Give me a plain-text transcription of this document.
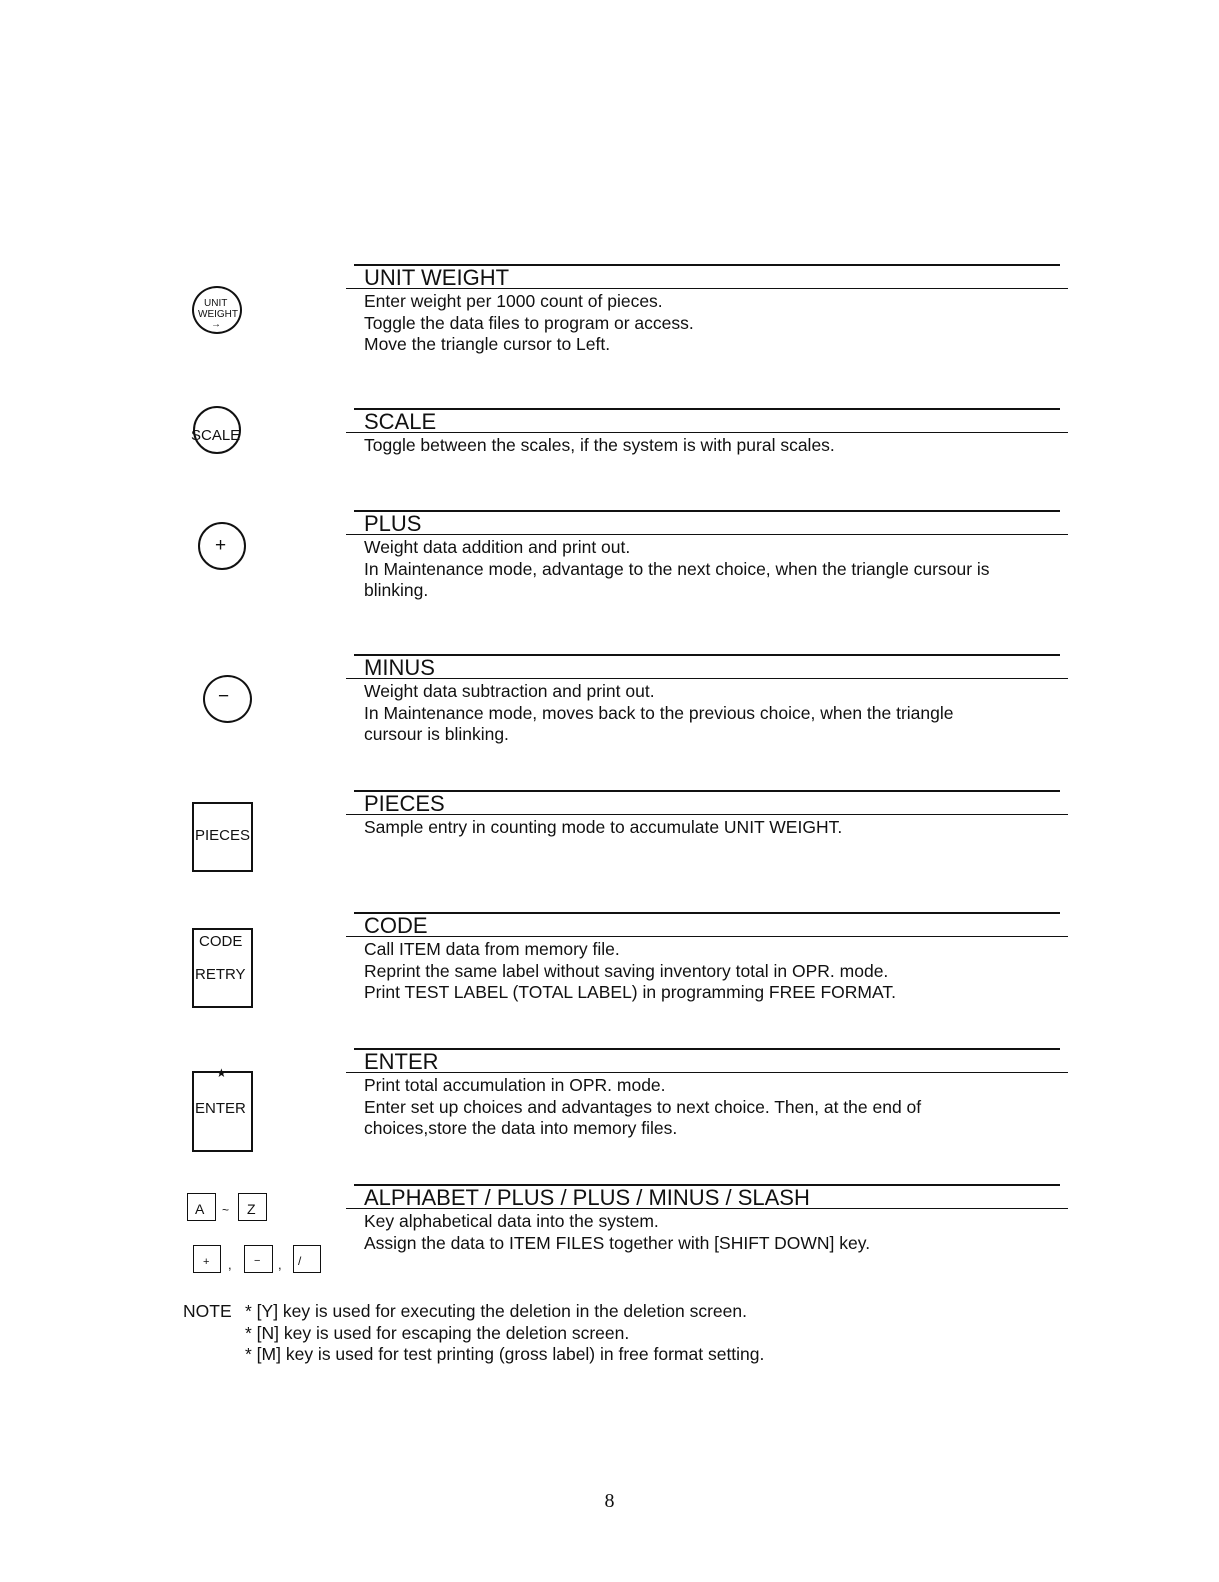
UNIT
WEIGHT
→
SCALE
+
−
PIECES
CODE
RETRY
★
ENTER
A ~ Z
+ , − , /
UNIT WEIGHT
Enter weight per 1000 count of pieces.
Toggle the data files to program or access.
Move the triangle cursor to Left.
SCALE
Toggle between the scales, if the system is with pural scales.
PLUS
Weight data addition and print out.
In Maintenance mode, advantage to the next choice, when the triangle cursour is
blinking.
MINUS
Weight data subtraction and print out.
In Maintenance mode, moves back to the previous choice, when the triangle
cursour is blinking.
PIECES
Sample entry in counting mode to accumulate UNIT WEIGHT.
CODE
Call ITEM data from memory file.
Reprint the same label without saving inventory total in OPR. mode.
Print TEST LABEL (TOTAL LABEL) in programming FREE FORMAT.
ENTER
Print total accumulation in OPR. mode.
Enter set up choices and advantages to next choice. Then, at the end of
choices,store the data into memory files.
ALPHABET / PLUS / PLUS / MINUS / SLASH
Key alphabetical data into the system.
Assign the data to ITEM FILES together with [SHIFT DOWN] key.
NOTE * [Y] key is used for executing the deletion in the deletion screen.
* [N] key is used for escaping the deletion screen.
* [M] key is used for test printing (gross label) in free format setting.
8
